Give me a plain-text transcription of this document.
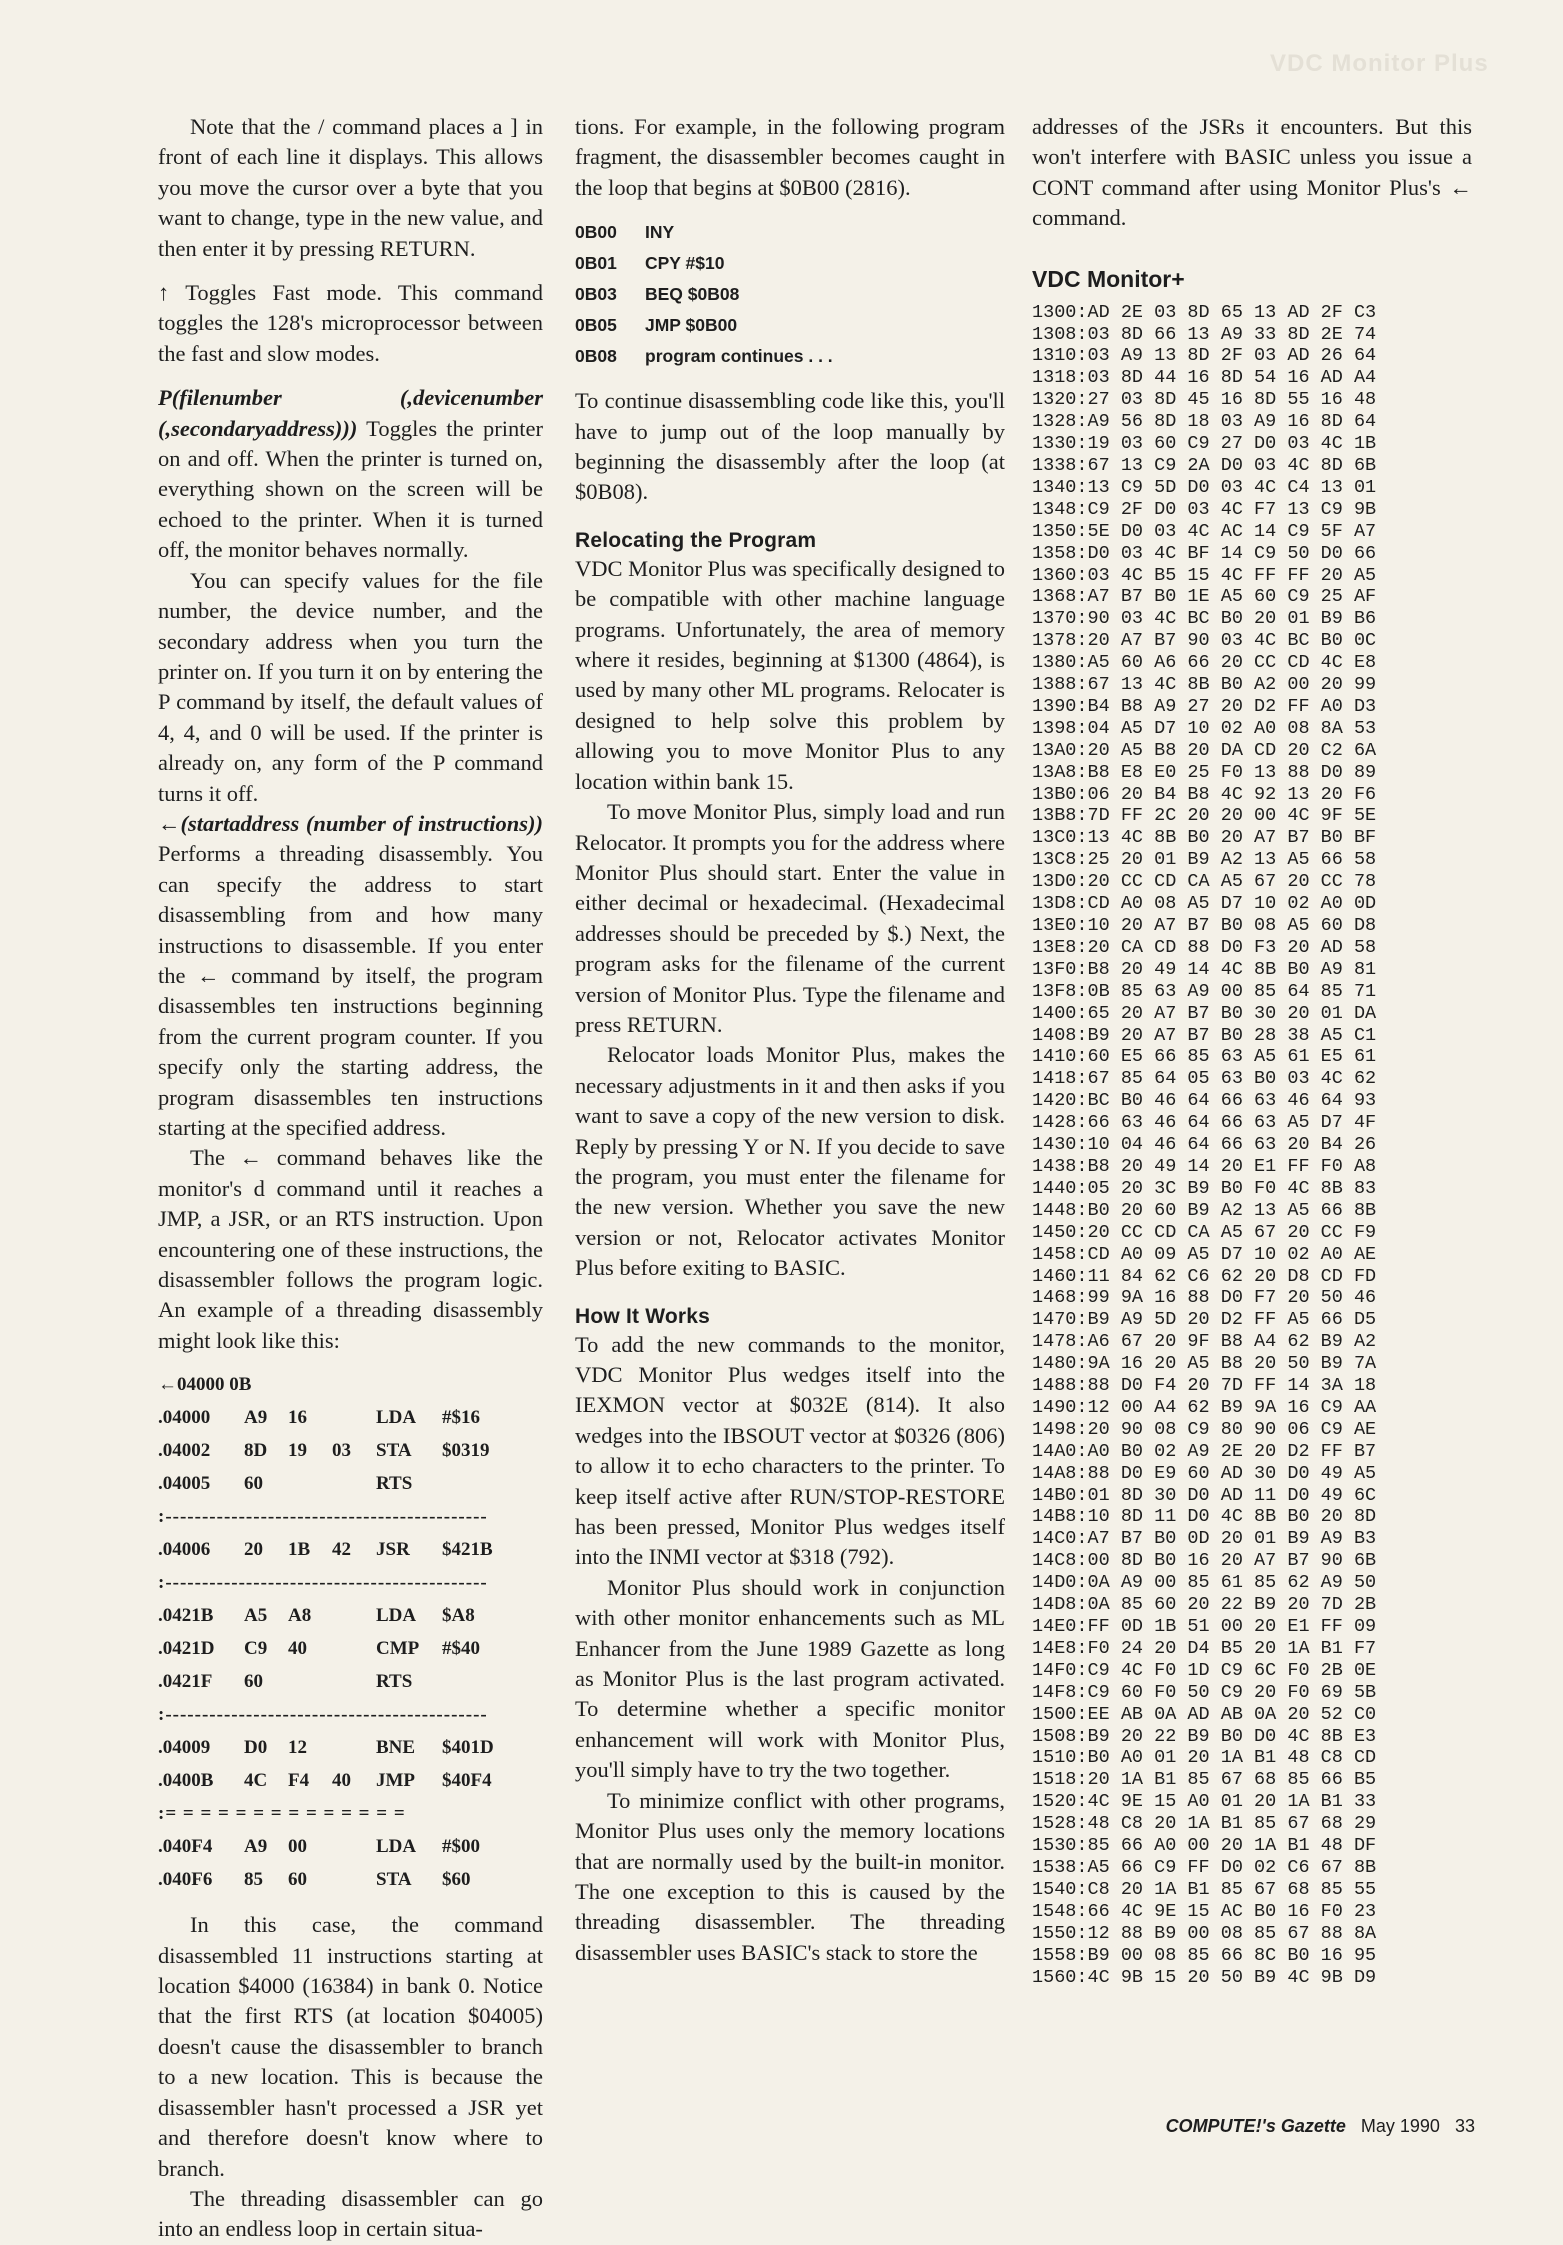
VDC Monitor Plus

Note that the / command places a ] in front of each line it displays. This allows you move the cursor over a byte that you want to change, type in the new value, and then enter it by pressing RETURN.

↑ Toggles Fast mode. This command toggles the 128's microprocessor between the fast and slow modes.

P(filenumber (,devicenumber (,secondaryaddress))) Toggles the printer on and off. When the printer is turned on, everything shown on the screen will be echoed to the printer. When it is turned off, the monitor behaves normally.

You can specify values for the file number, the device number, and the secondary address when you turn the printer on. If you turn it on by entering the P command by itself, the default values of 4, 4, and 0 will be used. If the printer is already on, any form of the P command turns it off.

←(startaddress (number of instructions)) Performs a threading disassembly. You can specify the address to start disassembling from and how many instructions to disassemble. If you enter the ← command by itself, the program disassembles ten instructions beginning from the current program counter. If you specify only the starting address, the program disassembles ten instructions starting at the specified address.

The ← command behaves like the monitor's d command until it reaches a JMP, a JSR, or an RTS instruction. Upon encountering one of these instructions, the disassembler follows the program logic. An example of a threading disassembly might look like this:

←04000 0B
.04000	A9	16	LDA	#$16
.04002	8D	19	03	STA	$0319
.04005	60	RTS
:--------------------------------------------
.04006	20	1B	42	JSR	$421B
:--------------------------------------------
.0421B	A5	A8	LDA	$A8
.0421D	C9	40	CMP	#$40
.0421F	60	RTS
:--------------------------------------------
.04009	D0	12	BNE	$401D
.0400B	4C	F4	40	JMP	$40F4
:= = = = = = = = = = = = = =
.040F4	A9	00	LDA	#$00
.040F6	85	60	STA	$60

In this case, the command disassembled 11 instructions starting at location $4000 (16384) in bank 0. Notice that the first RTS (at location $04005) doesn't cause the disassembler to branch to a new location. This is because the disassembler hasn't processed a JSR yet and therefore doesn't know where to branch.

The threading disassembler can go into an endless loop in certain situa-

tions. For example, in the following program fragment, the disassembler becomes caught in the loop that begins at $0B00 (2816).

0B00	INY
0B01	CPY #$10
0B03	BEQ $0B08
0B05	JMP $0B00
0B08	program continues . . .

To continue disassembling code like this, you'll have to jump out of the loop manually by beginning the disassembly after the loop (at $0B08).

Relocating the Program

VDC Monitor Plus was specifically designed to be compatible with other machine language programs. Unfortunately, the area of memory where it resides, beginning at $1300 (4864), is used by many other ML programs. Relocater is designed to help solve this problem by allowing you to move Monitor Plus to any location within bank 15.

To move Monitor Plus, simply load and run Relocator. It prompts you for the address where Monitor Plus should start. Enter the value in either decimal or hexadecimal. (Hexadecimal addresses should be preceded by $.) Next, the program asks for the filename of the current version of Monitor Plus. Type the filename and press RETURN.

Relocator loads Monitor Plus, makes the necessary adjustments in it and then asks if you want to save a copy of the new version to disk. Reply by pressing Y or N. If you decide to save the program, you must enter the filename for the new version. Whether you save the new version or not, Relocator activates Monitor Plus before exiting to BASIC.

How It Works

To add the new commands to the monitor, VDC Monitor Plus wedges itself into the IEXMON vector at $032E (814). It also wedges into the IBSOUT vector at $0326 (806) to allow it to echo characters to the printer. To keep itself active after RUN/STOP-RESTORE has been pressed, Monitor Plus wedges itself into the INMI vector at $318 (792).

Monitor Plus should work in conjunction with other monitor enhancements such as ML Enhancer from the June 1989 Gazette as long as Monitor Plus is the last program activated. To determine whether a specific monitor enhancement will work with Monitor Plus, you'll simply have to try the two together.

To minimize conflict with other programs, Monitor Plus uses only the memory locations that are normally used by the built-in monitor. The one exception to this is caused by the threading disassembler. The threading disassembler uses BASIC's stack to store the

addresses of the JSRs it encounters. But this won't interfere with BASIC unless you issue a CONT command after using Monitor Plus's ← command.

VDC Monitor+
1300:AD 2E 03 8D 65 13 AD 2F C3
1308:03 8D 66 13 A9 33 8D 2E 74
1310:03 A9 13 8D 2F 03 AD 26 64
1318:03 8D 44 16 8D 54 16 AD A4
1320:27 03 8D 45 16 8D 55 16 48
1328:A9 56 8D 18 03 A9 16 8D 64
1330:19 03 60 C9 27 D0 03 4C 1B
1338:67 13 C9 2A D0 03 4C 8D 6B
1340:13 C9 5D D0 03 4C C4 13 01
1348:C9 2F D0 03 4C F7 13 C9 9B
1350:5E D0 03 4C AC 14 C9 5F A7
1358:D0 03 4C BF 14 C9 50 D0 66
1360:03 4C B5 15 4C FF FF 20 A5
1368:A7 B7 B0 1E A5 60 C9 25 AF
1370:90 03 4C BC B0 20 01 B9 B6
1378:20 A7 B7 90 03 4C BC B0 0C
1380:A5 60 A6 66 20 CC CD 4C E8
1388:67 13 4C 8B B0 A2 00 20 99
1390:B4 B8 A9 27 20 D2 FF A0 D3
1398:04 A5 D7 10 02 A0 08 8A 53
13A0:20 A5 B8 20 DA CD 20 C2 6A
13A8:B8 E8 E0 25 F0 13 88 D0 89
13B0:06 20 B4 B8 4C 92 13 20 F6
13B8:7D FF 2C 20 20 00 4C 9F 5E
13C0:13 4C 8B B0 20 A7 B7 B0 BF
13C8:25 20 01 B9 A2 13 A5 66 58
13D0:20 CC CD CA A5 67 20 CC 78
13D8:CD A0 08 A5 D7 10 02 A0 0D
13E0:10 20 A7 B7 B0 08 A5 60 D8
13E8:20 CA CD 88 D0 F3 20 AD 58
13F0:B8 20 49 14 4C 8B B0 A9 81
13F8:0B 85 63 A9 00 85 64 85 71
1400:65 20 A7 B7 B0 30 20 01 DA
1408:B9 20 A7 B7 B0 28 38 A5 C1
1410:60 E5 66 85 63 A5 61 E5 61
1418:67 85 64 05 63 B0 03 4C 62
1420:BC B0 46 64 66 63 46 64 93
1428:66 63 46 64 66 63 A5 D7 4F
1430:10 04 46 64 66 63 20 B4 26
1438:B8 20 49 14 20 E1 FF F0 A8
1440:05 20 3C B9 B0 F0 4C 8B 83
1448:B0 20 60 B9 A2 13 A5 66 8B
1450:20 CC CD CA A5 67 20 CC F9
1458:CD A0 09 A5 D7 10 02 A0 AE
1460:11 84 62 C6 62 20 D8 CD FD
1468:99 9A 16 88 D0 F7 20 50 46
1470:B9 A9 5D 20 D2 FF A5 66 D5
1478:A6 67 20 9F B8 A4 62 B9 A2
1480:9A 16 20 A5 B8 20 50 B9 7A
1488:88 D0 F4 20 7D FF 14 3A 18
1490:12 00 A4 62 B9 9A 16 C9 AA
1498:20 90 08 C9 80 90 06 C9 AE
14A0:A0 B0 02 A9 2E 20 D2 FF B7
14A8:88 D0 E9 60 AD 30 D0 49 A5
14B0:01 8D 30 D0 AD 11 D0 49 6C
14B8:10 8D 11 D0 4C 8B B0 20 8D
14C0:A7 B7 B0 0D 20 01 B9 A9 B3
14C8:00 8D B0 16 20 A7 B7 90 6B
14D0:0A A9 00 85 61 85 62 A9 50
14D8:0A 85 60 20 22 B9 20 7D 2B
14E0:FF 0D 1B 51 00 20 E1 FF 09
14E8:F0 24 20 D4 B5 20 1A B1 F7
14F0:C9 4C F0 1D C9 6C F0 2B 0E
14F8:C9 60 F0 50 C9 20 F0 69 5B
1500:EE AB 0A AD AB 0A 20 52 C0
1508:B9 20 22 B9 B0 D0 4C 8B E3
1510:B0 A0 01 20 1A B1 48 C8 CD
1518:20 1A B1 85 67 68 85 66 B5
1520:4C 9E 15 A0 01 20 1A B1 33
1528:48 C8 20 1A B1 85 67 68 29
1530:85 66 A0 00 20 1A B1 48 DF
1538:A5 66 C9 FF D0 02 C6 67 8B
1540:C8 20 1A B1 85 67 68 85 55
1548:66 4C 9E 15 AC B0 16 F0 23
1550:12 88 B9 00 08 85 67 88 8A
1558:B9 00 08 85 66 8C B0 16 95
1560:4C 9B 15 20 50 B9 4C 9B D9
COMPUTE!'s Gazette May 1990 33
